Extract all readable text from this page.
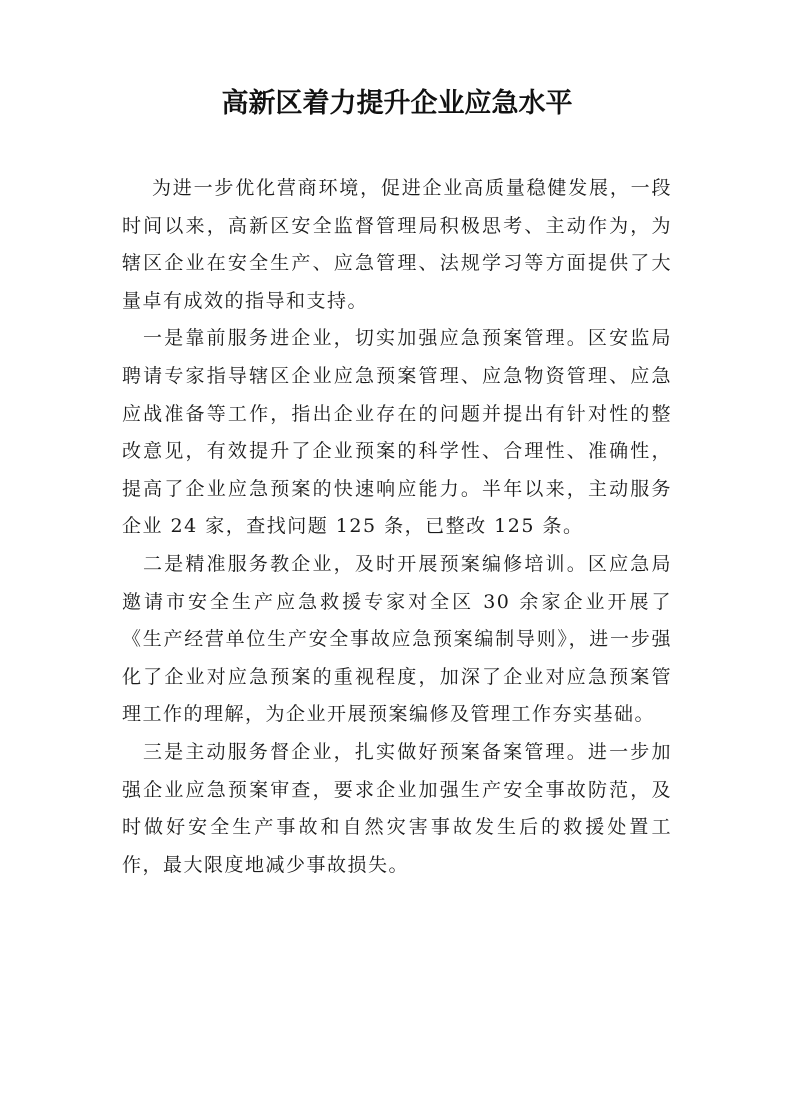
高新区着力提升企业应急水平

为进一步优化营商环境，促进企业高质量稳健发展，一段时间以来，高新区安全监督管理局积极思考、主动作为，为辖区企业在安全生产、应急管理、法规学习等方面提供了大量卓有成效的指导和支持。

一是靠前服务进企业，切实加强应急预案管理。区安监局聘请专家指导辖区企业应急预案管理、应急物资管理、应急应战准备等工作，指出企业存在的问题并提出有针对性的整改意见，有效提升了企业预案的科学性、合理性、准确性，提高了企业应急预案的快速响应能力。半年以来，主动服务企业 24 家，查找问题 125 条，已整改 125 条。

二是精准服务教企业，及时开展预案编修培训。区应急局邀请市安全生产应急救援专家对全区 30 余家企业开展了《生产经营单位生产安全事故应急预案编制导则》，进一步强化了企业对应急预案的重视程度，加深了企业对应急预案管理工作的理解，为企业开展预案编修及管理工作夯实基础。

三是主动服务督企业，扎实做好预案备案管理。进一步加强企业应急预案审查，要求企业加强生产安全事故防范，及时做好安全生产事故和自然灾害事故发生后的救援处置工作，最大限度地减少事故损失。
